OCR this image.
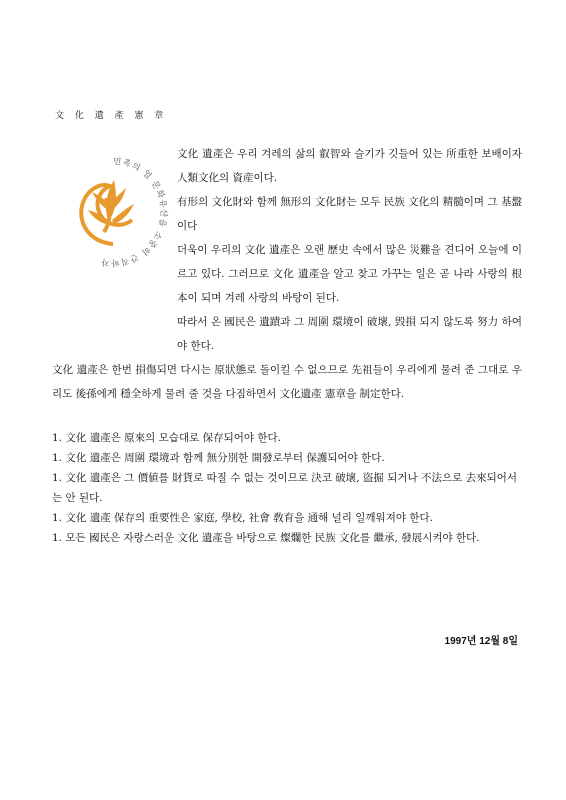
文 化 遺 產 憲 章
민족의 얼 문화유산을 소중히 간직하자

文化 遺產은 우리 겨레의 삶의 叡智와 슬기가 깃들어 있는 所重한 보배이자 人類文化의 資産이다.

有形의 文化財와 함께 無形의 文化財는 모두 民族 文化의 精髓이며 그 基盤이다

더욱이 우리의 文化 遺產은 오랜 歷史 속에서 많은 災難을 견디어 오늘에 이르고 있다. 그러므로 文化 遺產을 알고 찾고 가꾸는 일은 곧 나라 사랑의 根本이 되며 겨레 사랑의 바탕이 된다.

따라서 온 國民은 遺蹟과 그 周圍 環境이 破壞, 毁損 되지 않도록 努力 하여야 한다.

文化 遺產은 한번 損傷되면 다시는 原狀態로 돌이킬 수 없으므로 先祖들이 우리에게 물려 준 그대로 우리도 後孫에게 穩全하게 물려 줄 것을 다짐하면서 文化遺產 憲章을 制定한다.

1. 文化 遺產은 原來의 모습대로 保存되어야 한다.

1. 文化 遺產은 周圍 環境과 함께 無分別한 開發로부터 保護되어야 한다.

1. 文化 遺產은 그 價値를 財貨로 따질 수 없는 것이므로 決코 破壞, 盜掘 되거나 不法으로 去來되어서는 안 된다.

1. 文化 遺產 保存의 重要性은 家庭, 學校, 社會 敎育을 通해 널리 일깨워져야 한다.

1. 모든 國民은 자랑스러운 文化 遺產을 바탕으로 燦爛한 民族 文化를 繼承, 發展시켜야 한다.

1997년 12월 8일
